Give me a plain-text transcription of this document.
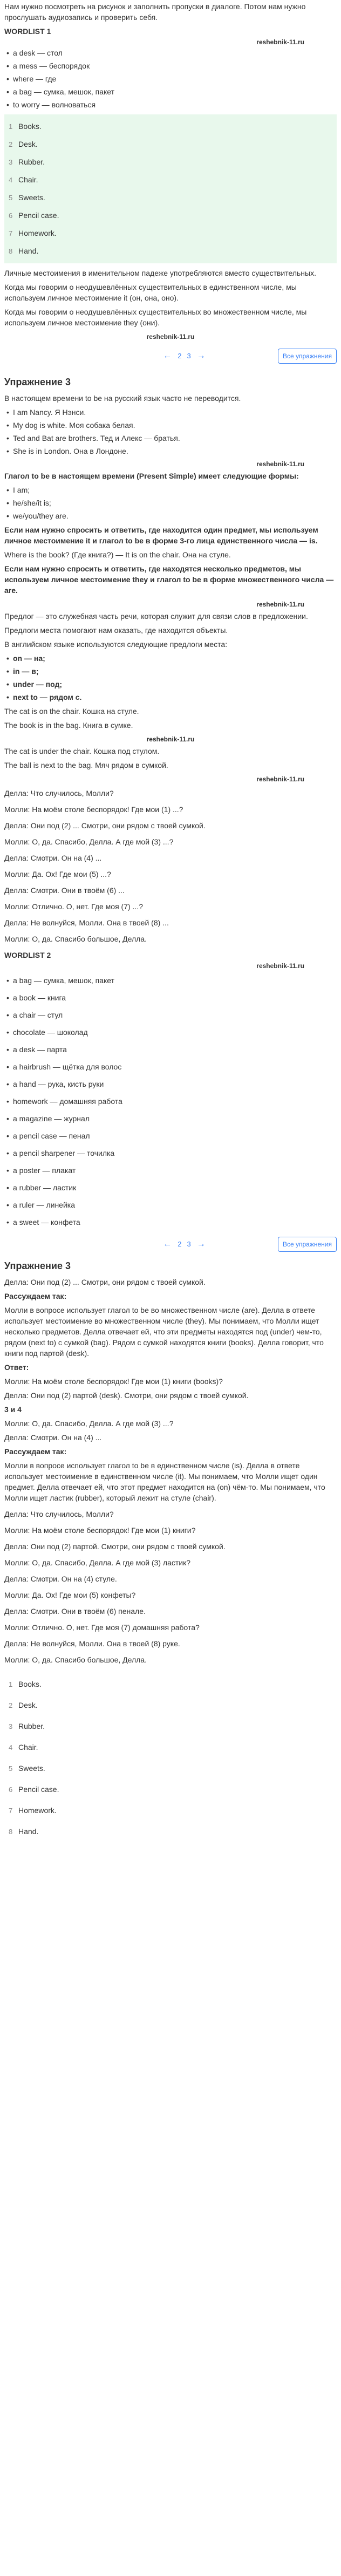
Нам нужно посмотреть на рисунок и заполнить пропуски в диалоге. Потом нам нужно прослушать аудиозапись и проверить себя.

WORDLIST 1
reshebnik-11.ru
• a desk — стол
• a mess — беспорядок
• where — где
• a bag — сумка, мешок, пакет
• to worry — волноваться
1 Books.
2 Desk.
3 Rubber.
4 Chair.
5 Sweets.
6 Pencil case.
7 Homework.
8 Hand.

Личные местоимения в именительном падеже употребляются вместо существительных.

Когда мы говорим о неодушевлённых существительных в единственном числе, мы используем личное местоимение it (он, она, оно).

Когда мы говорим о неодушевлённых существительных во множественном числе, мы используем личное местоимение they (они).

reshebnik-11.ru
← 2 3 →	Все упражнения
Упражнение 3

В настоящем времени to be на русский язык часто не переводится.

• I am Nancy. Я Нэнси.
• My dog is white. Моя собака белая.
• Ted and Bat are brothers. Тед и Алекс — братья.
• She is in London. Она в Лондоне.
reshebnik-11.ru

Глагол to be в настоящем времени (Present Simple) имеет следующие формы:

• I am;
• he/she/it is;
• we/you/they are.

Если нам нужно спросить и ответить, где находится один предмет, мы используем личное местоимение it и глагол to be в форме 3-го лица единственного числа — is.

Where is the book? (Где книга?) — It is on the chair. Она на стуле.

Если нам нужно спросить и ответить, где находятся несколько предметов, мы используем личное местоимение they и глагол to be в форме множественного числа — are.

reshebnik-11.ru

Предлог — это служебная часть речи, которая служит для связи слов в предложении.

Предлоги места помогают нам оказать, где находится объекты.

В английском языке используются следующие предлоги места:

• on — на;
• in — в;
• under — под;
• next to — рядом с.

The cat is on the chair. Кошка на стуле.

The book is in the bag. Книга в сумке.

reshebnik-11.ru

The cat is under the chair. Кошка под стулом.

The ball is next to the bag. Мяч рядом в сумкой.

reshebnik-11.ru

Делла: Что случилось, Молли?

Молли: На моём столе беспорядок! Где мои (1) ...?

Делла: Они под (2) ... Смотри, они рядом с твоей сумкой.

Молли: О, да. Спасибо, Делла. А где мой (3) ...?

Делла: Смотри. Он на (4) ...

Молли: Да. Ох! Где мои (5) ...?

Делла: Смотри. Они в твоём (6) ...

Молли: Отлично. О, нет. Где моя (7) ...?

Делла: Не волнуйся, Молли. Она в твоей (8) ...

Молли: О, да. Спасибо большое, Делла.

WORDLIST 2
reshebnik-11.ru
• a bag — сумка, мешок, пакет
• a book — книга
• a chair — стул
• chocolate — шоколад
• a desk — парта
• a hairbrush — щётка для волос
• a hand — рука, кисть руки
• homework — домашняя работа
• a magazine — журнал
• a pencil case — пенал
• a pencil sharpener — точилка
• a poster — плакат
• a rubber — ластик
• a ruler — линейка
• a sweet — конфета
← 2 3 →	Все упражнения
Упражнение 3

Делла: Они под (2) ... Смотри, они рядом с твоей сумкой.

Рассуждаем так:

Молли в вопросе использует глагол to be во множественном числе (are). Делла в ответе использует местоимение во множественном числе (they). Мы понимаем, что Молли ищет несколько предметов. Делла отвечает ей, что эти предметы находятся под (under) чем-то, рядом (next to) с сумкой (bag). Рядом с сумкой находятся книги (books). Делла говорит, что книги под партой (desk).

Ответ:

Молли: На моём столе беспорядок! Где мои (1) книги (books)?

Делла: Они под (2) партой (desk). Смотри, они рядом с твоей сумкой.

3 и 4

Молли: О, да. Спасибо, Делла. А где мой (3) ...?

Делла: Смотри. Он на (4) ...

Рассуждаем так:

Молли в вопросе использует глагол to be в единственном числе (is). Делла в ответе использует местоимение в единственном числе (it). Мы понимаем, что Молли ищет один предмет. Делла отвечает ей, что этот предмет находится на (on) чём-то. Мы понимаем, что Молли ищет ластик (rubber), который лежит на стуле (chair).

Делла: Что случилось, Молли?

Молли: На моём столе беспорядок! Где мои (1) книги?

Делла: Они под (2) партой. Смотри, они рядом с твоей сумкой.

Молли: О, да. Спасибо, Делла. А где мой (3) ластик?

Делла: Смотри. Он на (4) стуле.

Молли: Да. Ох! Где мои (5) конфеты?

Делла: Смотри. Они в твоём (6) пенале.

Молли: Отлично. О, нет. Где моя (7) домашняя работа?

Делла: Не волнуйся, Молли. Она в твоей (8) руке.

Молли: О, да. Спасибо большое, Делла.

1 Books.
2 Desk.
3 Rubber.
4 Chair.
5 Sweets.
6 Pencil case.
7 Homework.
8 Hand.
